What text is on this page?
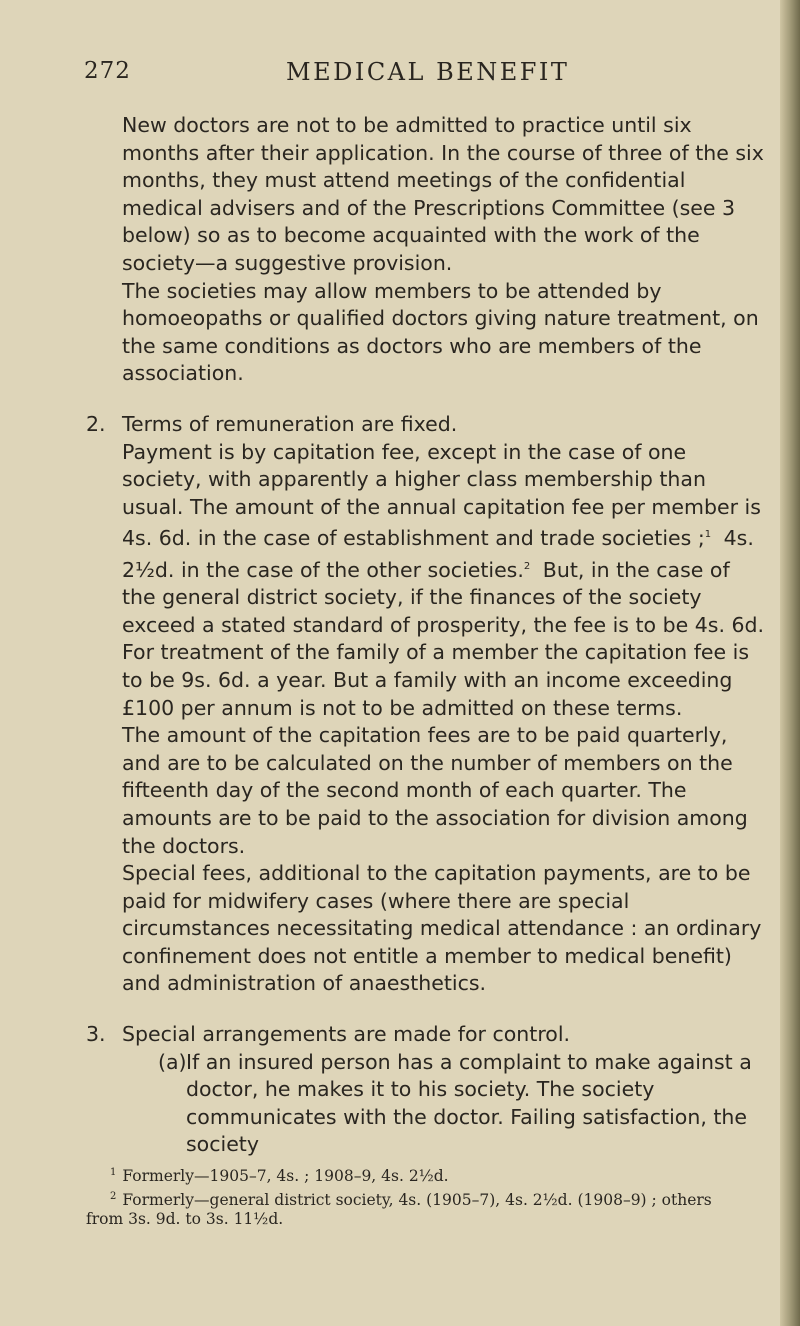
272	MEDICAL BENEFIT

New doctors are not to be admitted to practice until six months after their application. In the course of three of the six months, they must attend meetings of the confidential medical advisers and of the Prescriptions Committee (see 3 below) so as to become acquainted with the work of the society—a suggestive provision.

The societies may allow members to be attended by homoeopaths or qualified doctors giving nature treatment, on the same conditions as doctors who are members of the association.

2. Terms of remuneration are fixed.

Payment is by capitation fee, except in the case of one society, with apparently a higher class membership than usual. The amount of the annual capitation fee per member is 4s. 6d. in the case of establishment and trade societies ;$^1$ 4s. 2½d. in the case of the other societies.$^2$ But, in the case of the general district society, if the finances of the society exceed a stated standard of prosperity, the fee is to be 4s. 6d.

For treatment of the family of a member the capitation fee is to be 9s. 6d. a year. But a family with an income exceeding £100 per annum is not to be admitted on these terms.

The amount of the capitation fees are to be paid quarterly, and are to be calculated on the number of members on the fifteenth day of the second month of each quarter. The amounts are to be paid to the association for division among the doctors.

Special fees, additional to the capitation payments, are to be paid for midwifery cases (where there are special circumstances necessitating medical attendance : an ordinary confinement does not entitle a member to medical benefit) and administration of anaesthetics.

3. Special arrangements are made for control.

(a)If an insured person has a complaint to make against a doctor, he makes it to his society. The society communicates with the doctor. Failing satisfaction, the society

$^1$ Formerly—1905–7, 4s. ; 1908–9, 4s. 2½d.

$^2$ Formerly—general district society, 4s. (1905–7), 4s. 2½d. (1908–9) ; others

from 3s. 9d. to 3s. 11½d.
